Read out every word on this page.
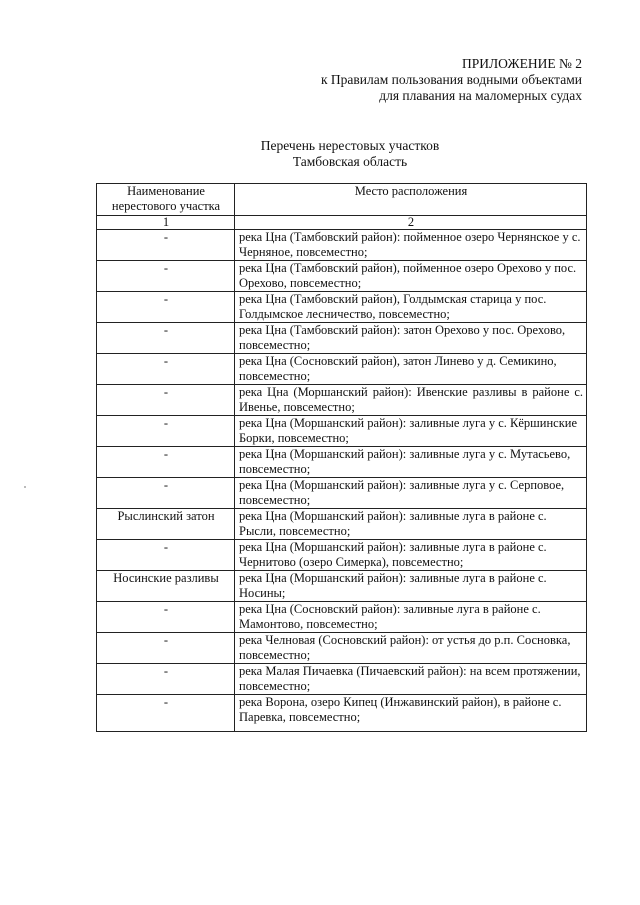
ПРИЛОЖЕНИЕ № 2
к Правилам пользования водными объектами
для плавания на маломерных судах
Перечень нерестовых участков
Тамбовская область
Наименование нерестового участка	Место расположения
1	2
-	река Цна (Тамбовский район): пойменное озеро Чернянское у с. Черняное, повсеместно;
-	река Цна (Тамбовский район), пойменное озеро Орехово у пос. Орехово, повсеместно;
-	река Цна (Тамбовский район), Голдымская старица у пос. Голдымское лесничество, повсеместно;
-	река Цна (Тамбовский район): затон Орехово у пос. Орехово, повсеместно;
-	река Цна (Сосновский район), затон Линево у д. Семикино, повсеместно;
-	река Цна (Моршанский район): Ивенские разливы в районе с. Ивенье, повсеместно;
-	река Цна (Моршанский район): заливные луга у с. Кёршинские Борки, повсеместно;
-	река Цна (Моршанский район): заливные луга у с. Мутасьево, повсеместно;
-	река Цна (Моршанский район): заливные луга у с. Серповое, повсеместно;
Рыслинский затон	река Цна (Моршанский район): заливные луга в районе с. Рысли, повсеместно;
-	река Цна (Моршанский район): заливные луга в районе с. Чернитово (озеро Симерка), повсеместно;
Носинские разливы	река Цна (Моршанский район): заливные луга в районе с. Носины;
-	река Цна (Сосновский район): заливные луга в районе с. Мамонтово, повсеместно;
-	река Челновая (Сосновский район): от устья до р.п. Сосновка, повсеместно;
-	река Малая Пичаевка (Пичаевский район): на всем протяжении, повсеместно;
-	река Ворона, озеро Кипец (Инжавинский район), в районе с. Паревка, повсеместно;
